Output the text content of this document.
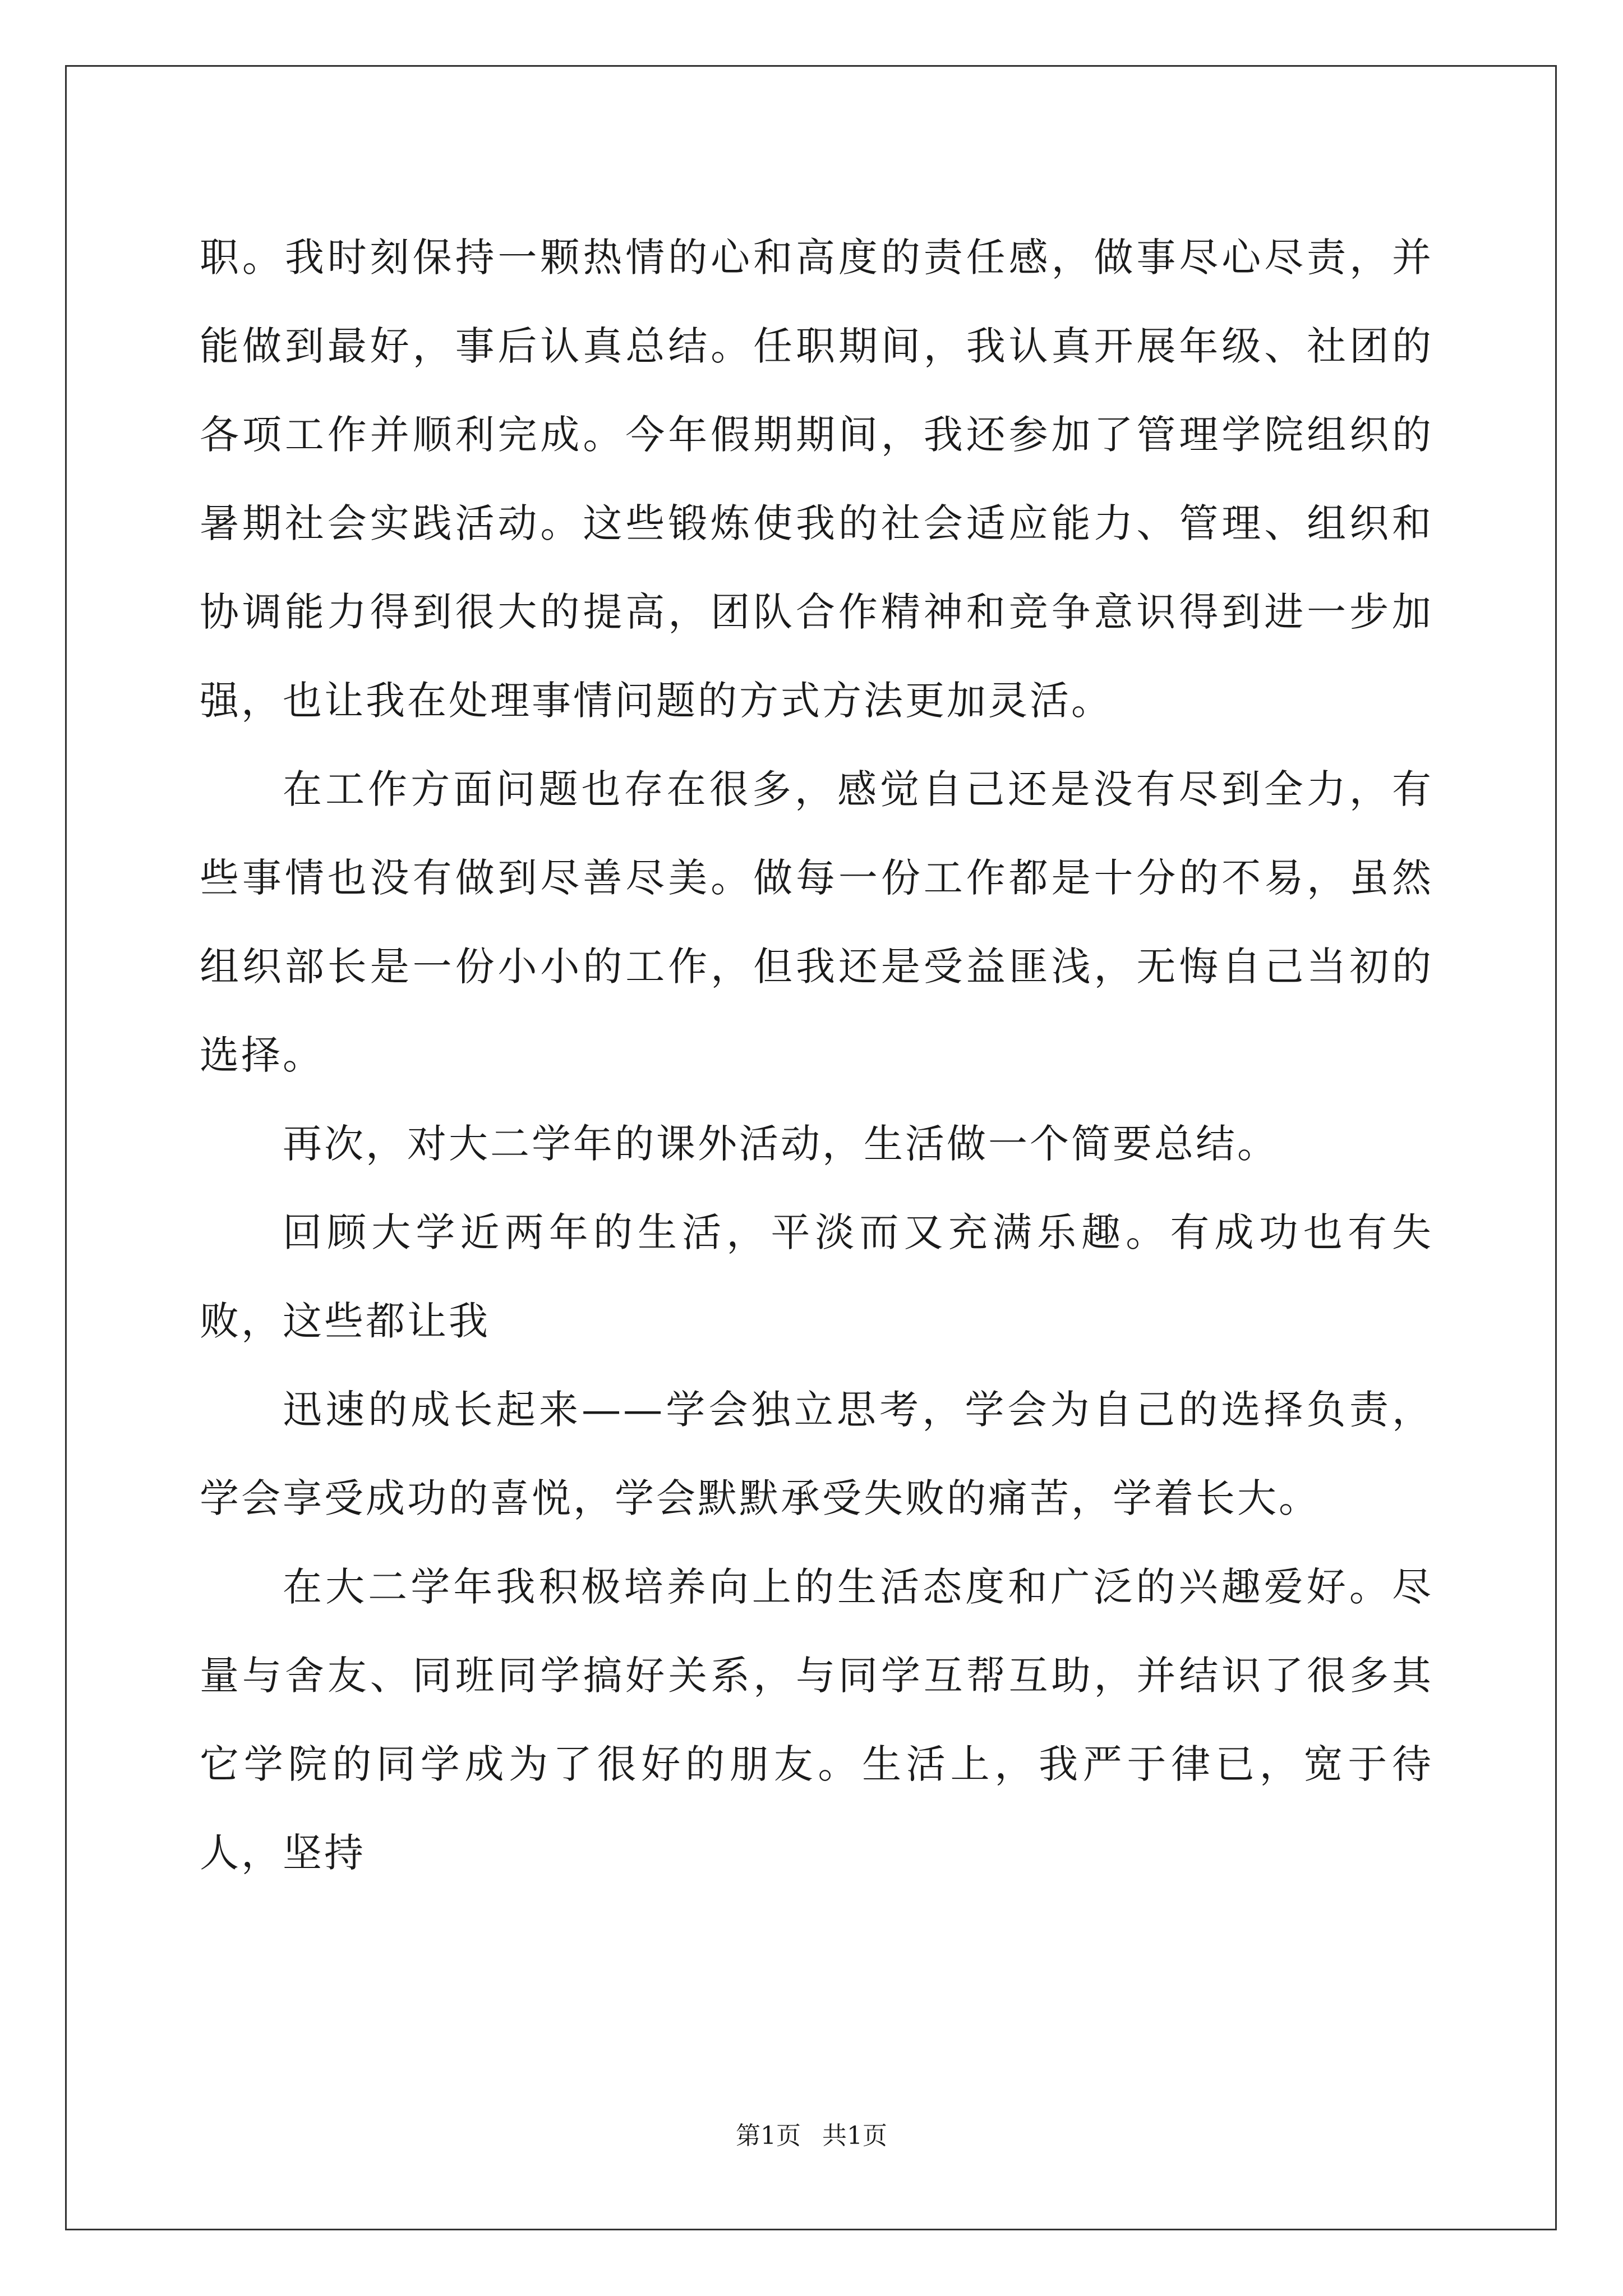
职。我时刻保持一颗热情的心和高度的责任感，做事尽心尽责，并能做到最好，事后认真总结。任职期间，我认真开展年级、社团的各项工作并顺利完成。今年假期期间，我还参加了管理学院组织的暑期社会实践活动。这些锻炼使我的社会适应能力、管理、组织和协调能力得到很大的提高，团队合作精神和竞争意识得到进一步加强，也让我在处理事情问题的方式方法更加灵活。

在工作方面问题也存在很多，感觉自己还是没有尽到全力，有些事情也没有做到尽善尽美。做每一份工作都是十分的不易，虽然组织部长是一份小小的工作，但我还是受益匪浅，无悔自己当初的选择。

再次，对大二学年的课外活动，生活做一个简要总结。

回顾大学近两年的生活，平淡而又充满乐趣。有成功也有失败，这些都让我

迅速的成长起来——学会独立思考，学会为自己的选择负责，学会享受成功的喜悦，学会默默承受失败的痛苦，学着长大。

在大二学年我积极培养向上的生活态度和广泛的兴趣爱好。尽量与舍友、同班同学搞好关系，与同学互帮互助，并结识了很多其它学院的同学成为了很好的朋友。生活上，我严于律已，宽于待人，坚持

第1页 共1页
